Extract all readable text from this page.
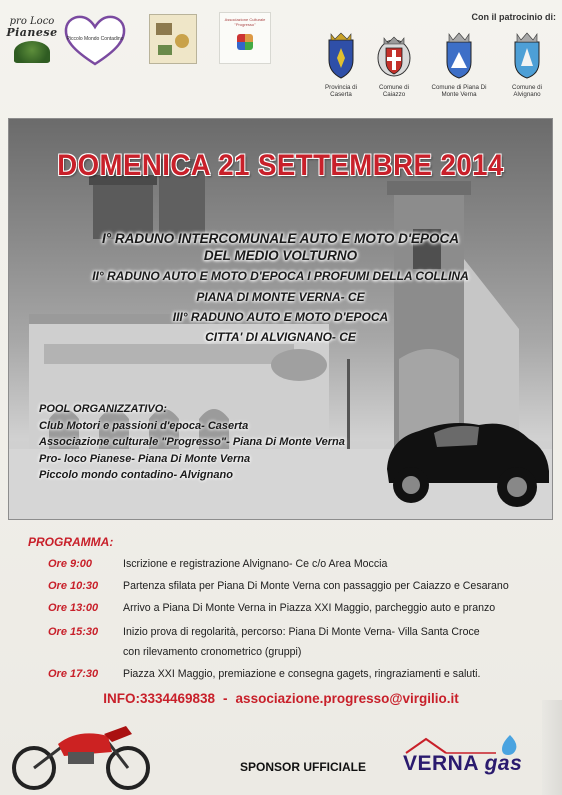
pro Loco
Pianese	Piccolo Mondo Contadino
Associazione Culturale "Progresso"
Con il patrocinio di:
Provincia di Caserta
Comune di Caiazzo
Comune di Piana Di Monte Verna
Comune di Alvignano
DOMENICA 21 SETTEMBRE 2014
I° RADUNO INTERCOMUNALE AUTO E MOTO D'EPOCA
DEL MEDIO VOLTURNO
II° RADUNO AUTO E MOTO D'EPOCA I PROFUMI DELLA COLLINA
PIANA DI MONTE VERNA- CE
III° RADUNO AUTO E MOTO D'EPOCA
CITTA' DI ALVIGNANO- CE
POOL ORGANIZZATIVO:
Club Motori e passioni d'epoca- Caserta
Associazione culturale "Progresso"- Piana Di Monte Verna
Pro- loco Pianese- Piana Di Monte Verna
Piccolo mondo contadino- Alvignano
PROGRAMMA:
Ore 9:00	Iscrizione e registrazione Alvignano- Ce c/o Area Moccia
Ore 10:30	Partenza sfilata per Piana Di Monte Verna con passaggio per Caiazzo e Cesarano
Ore 13:00	Arrivo a Piana Di Monte Verna in Piazza XXI Maggio, parcheggio auto e pranzo
Ore 15:30	Inizio prova di regolarità, percorso: Piana Di Monte Verna- Villa Santa Croce
con rilevamento cronometrico (gruppi)
Ore 17:30	Piazza XXI Maggio, premiazione e consegna gagets, ringraziamenti e saluti.
INFO:3334469838 - associazione.progresso@virgilio.it
SPONSOR UFFICIALE VERNA gas
